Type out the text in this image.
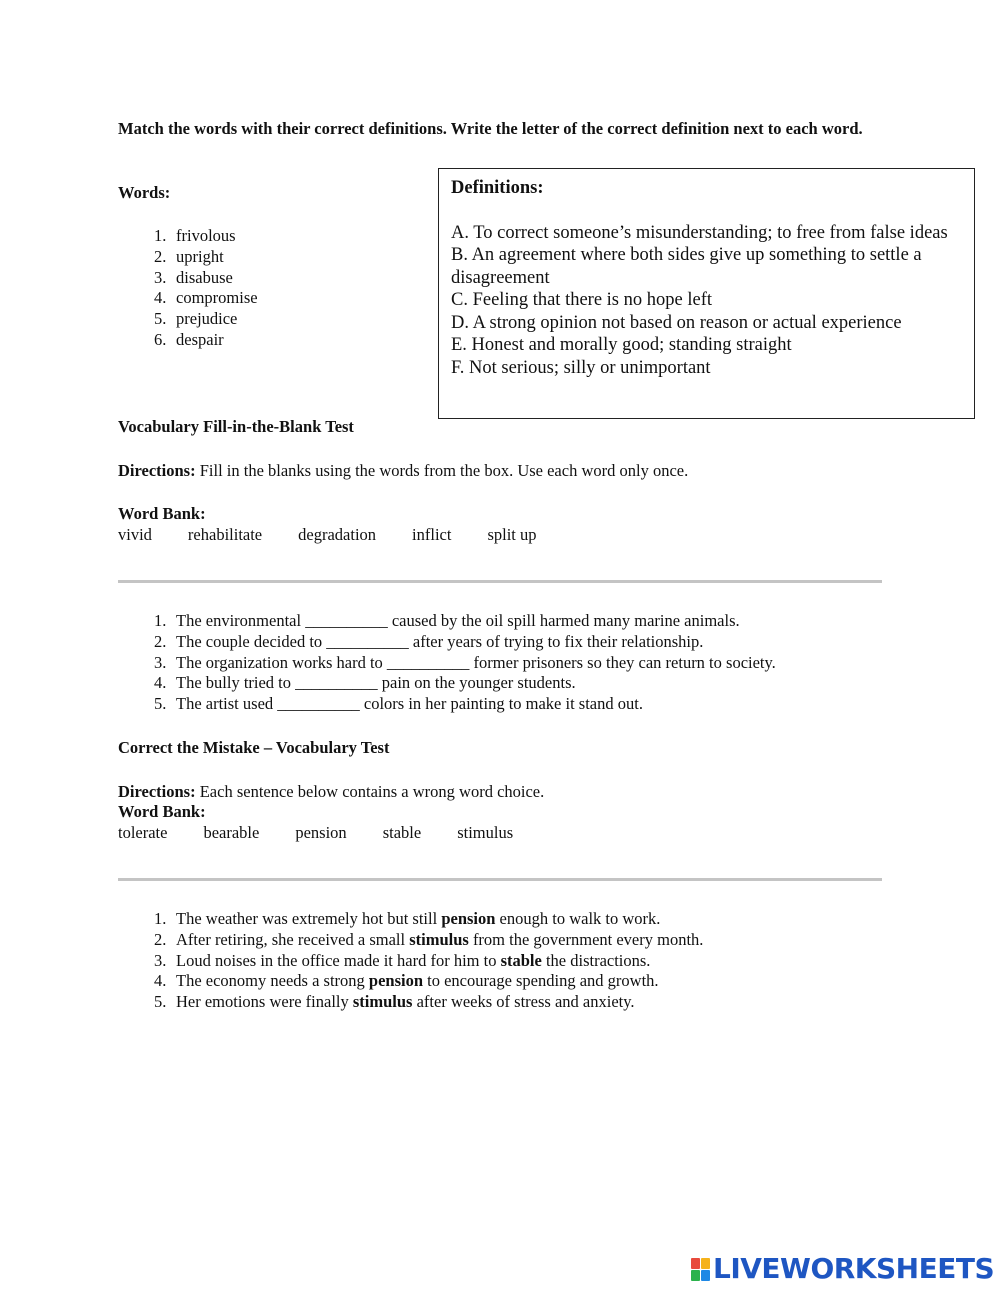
Match the words with their correct definitions. Write the letter of the correct definition next to each word.
Words:
1. frivolous
2. upright
3. disabuse
4. compromise
5. prejudice
6. despair
Definitions:
A. To correct someone’s misunderstanding; to free from false ideas
B. An agreement where both sides give up something to settle a disagreement
C. Feeling that there is no hope left
D. A strong opinion not based on reason or actual experience
E. Honest and morally good; standing straight
F. Not serious; silly or unimportant
Vocabulary Fill-in-the-Blank Test
Directions: Fill in the blanks using the words from the box. Use each word only once.
Word Bank:
vivid rehabilitate degradation inflict split up
1. The environmental __________ caused by the oil spill harmed many marine animals.
2. The couple decided to __________ after years of trying to fix their relationship.
3. The organization works hard to __________ former prisoners so they can return to society.
4. The bully tried to __________ pain on the younger students.
5. The artist used __________ colors in her painting to make it stand out.
Correct the Mistake – Vocabulary Test
Directions: Each sentence below contains a wrong word choice.
Word Bank:
tolerate bearable pension stable stimulus
1. The weather was extremely hot but still pension enough to walk to work.
2. After retiring, she received a small stimulus from the government every month.
3. Loud noises in the office made it hard for him to stable the distractions.
4. The economy needs a strong pension to encourage spending and growth.
5. Her emotions were finally stimulus after weeks of stress and anxiety.
LIVEWORKSHEETS
